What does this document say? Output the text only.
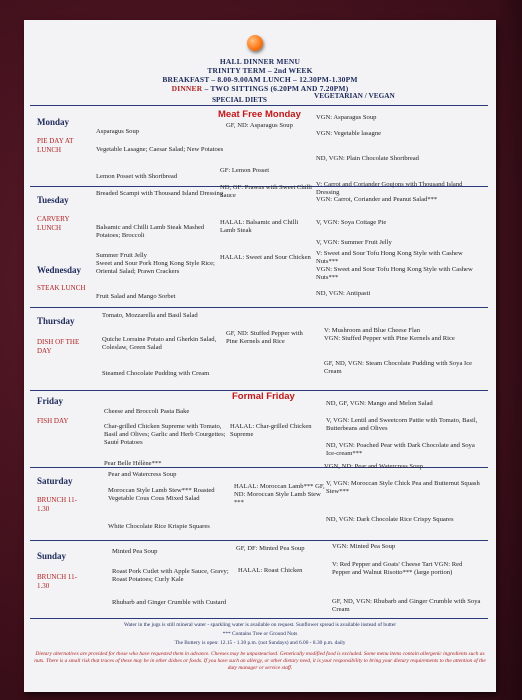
HALL DINNER MENU
TRINITY TERM – 2nd WEEK
BREAKFAST – 8.00-9.00AM LUNCH – 12.30PM-1.30PM
DINNER – TWO SITTINGS (6.20PM AND 7.20PM)
SPECIAL DIETS	VEGETARIAN / VEGAN
Monday
PIE DAY AT LUNCH
Meat Free Monday
Asparagus Soup
Vegetable Lasagne; Caesar Salad; New Potatoes
Lemon Posset with Shortbread
GF, ND: Asparagus Soup
GF: Lemon Posset
VGN: Asparagus Soup
VGN: Vegetable lasagne
ND, VGN: Plain Chocolate Shortbread
Tuesday
CARVERY LUNCH
Breaded Scampi with Thousand Island Dressing
Balsamic and Chilli Lamb Steak Mashed Potatoes; Broccoli
Summer Fruit Jelly
ND, GF: Prawns with Sweet Chilli Sauce
HALAL: Balsamic and Chilli Lamb Steak
V: Carrot and Coriander Goujons with Thousand Island Dressing
VGN: Carrot, Coriander and Peanut Salad***
V, VGN: Soya Cottage Pie
V, VGN: Summer Fruit Jelly
Wednesday
STEAK LUNCH
Sweet and Sour Pork Hong Kong Style Rice; Oriental Salad; Prawn Crackers
Fruit Salad and Mango Sorbet
HALAL: Sweet and Sour Chicken
V: Sweet and Sour Tofu Hong Kong Style with Cashew Nuts***
VGN: Sweet and Sour Tofu Hong Kong Style with Cashew Nuts***
ND, VGN: Antipasti
Thursday
DISH OF THE DAY
Tomato, Mozzarella and Basil Salad
Quiche Lorraine Potato and Gherkin Salad, Coleslaw, Green Salad
Steamed Chocolate Pudding with Cream
GF, ND: Stuffed Pepper with Pine Kernels and Rice
V: Mushroom and Blue Cheese Flan
VGN: Stuffed Pepper with Pine Kernels and Rice
GF, ND, VGN: Steam Chocolate Pudding with Soya Ice Cream
Friday
FISH DAY
Formal Friday
Cheese and Broccoli Pasta Bake
Char-grilled Chicken Supreme with Tomato, Basil and Olives; Garlic and Herb Courgettes; Sauté Potatoes
Pear Belle Hélène***
HALAL: Char-grilled Chicken Supreme
ND, GF, VGN: Mango and Melon Salad
V, VGN: Lentil and Sweetcorn Pattie with Tomato, Basil, Butterbeans and Olives
ND, VGN: Poached Pear with Dark Chocolate and Soya Ice-cream***
Saturday
BRUNCH 11-1.30
Pear and Watercress Soup
Moroccan Style Lamb Stew*** Roasted Vegetable Cous Cous Mixed Salad
White Chocolate Rice Krispie Squares
HALAL: Moroccan Lamb*** GF, ND: Moroccan Style Lamb Stew ***
VGN, ND: Pear and Watercress Soup
V, VGN: Moroccan Style Chick Pea and Butternut Squash Stew***
ND, VGN: Dark Chocolate Rice Crispy Squares
Sunday
BRUNCH 11-1.30
Minted Pea Soup
Roast Pork Cutlet with Apple Sauce, Gravy; Roast Potatoes; Curly Kale
Rhubarb and Ginger Crumble with Custard
GF, DF: Minted Pea Soup
HALAL: Roast Chicken
VGN: Minted Pea Soup
V: Red Pepper and Goats' Cheese Tart VGN: Red Pepper and Walnut Risotto*** (large portion)
GF, ND, VGN: Rhubarb and Ginger Crumble with Soya Cream
Water in the jugs is still mineral water - sparkling water is available on request. Sunflower spread is available instead of butter
*** Contains Tree or Ground Nuts
The Buttery is open: 12.15 - 1.30 p.m. (not Sundays) and 6.00 - 8.30 p.m. daily
Dietary alternatives are provided for those who have requested them in advance. Cheeses may be unpasteurised. Genetically modified food is excluded. Some menu items contain allergenic ingredients such as nuts. There is a small risk that traces of these may be in other dishes or foods. If you have such an allergy, or other dietary need, it is your responsibility to bring your dietary requirements to the attention of the duty manager or service staff.
